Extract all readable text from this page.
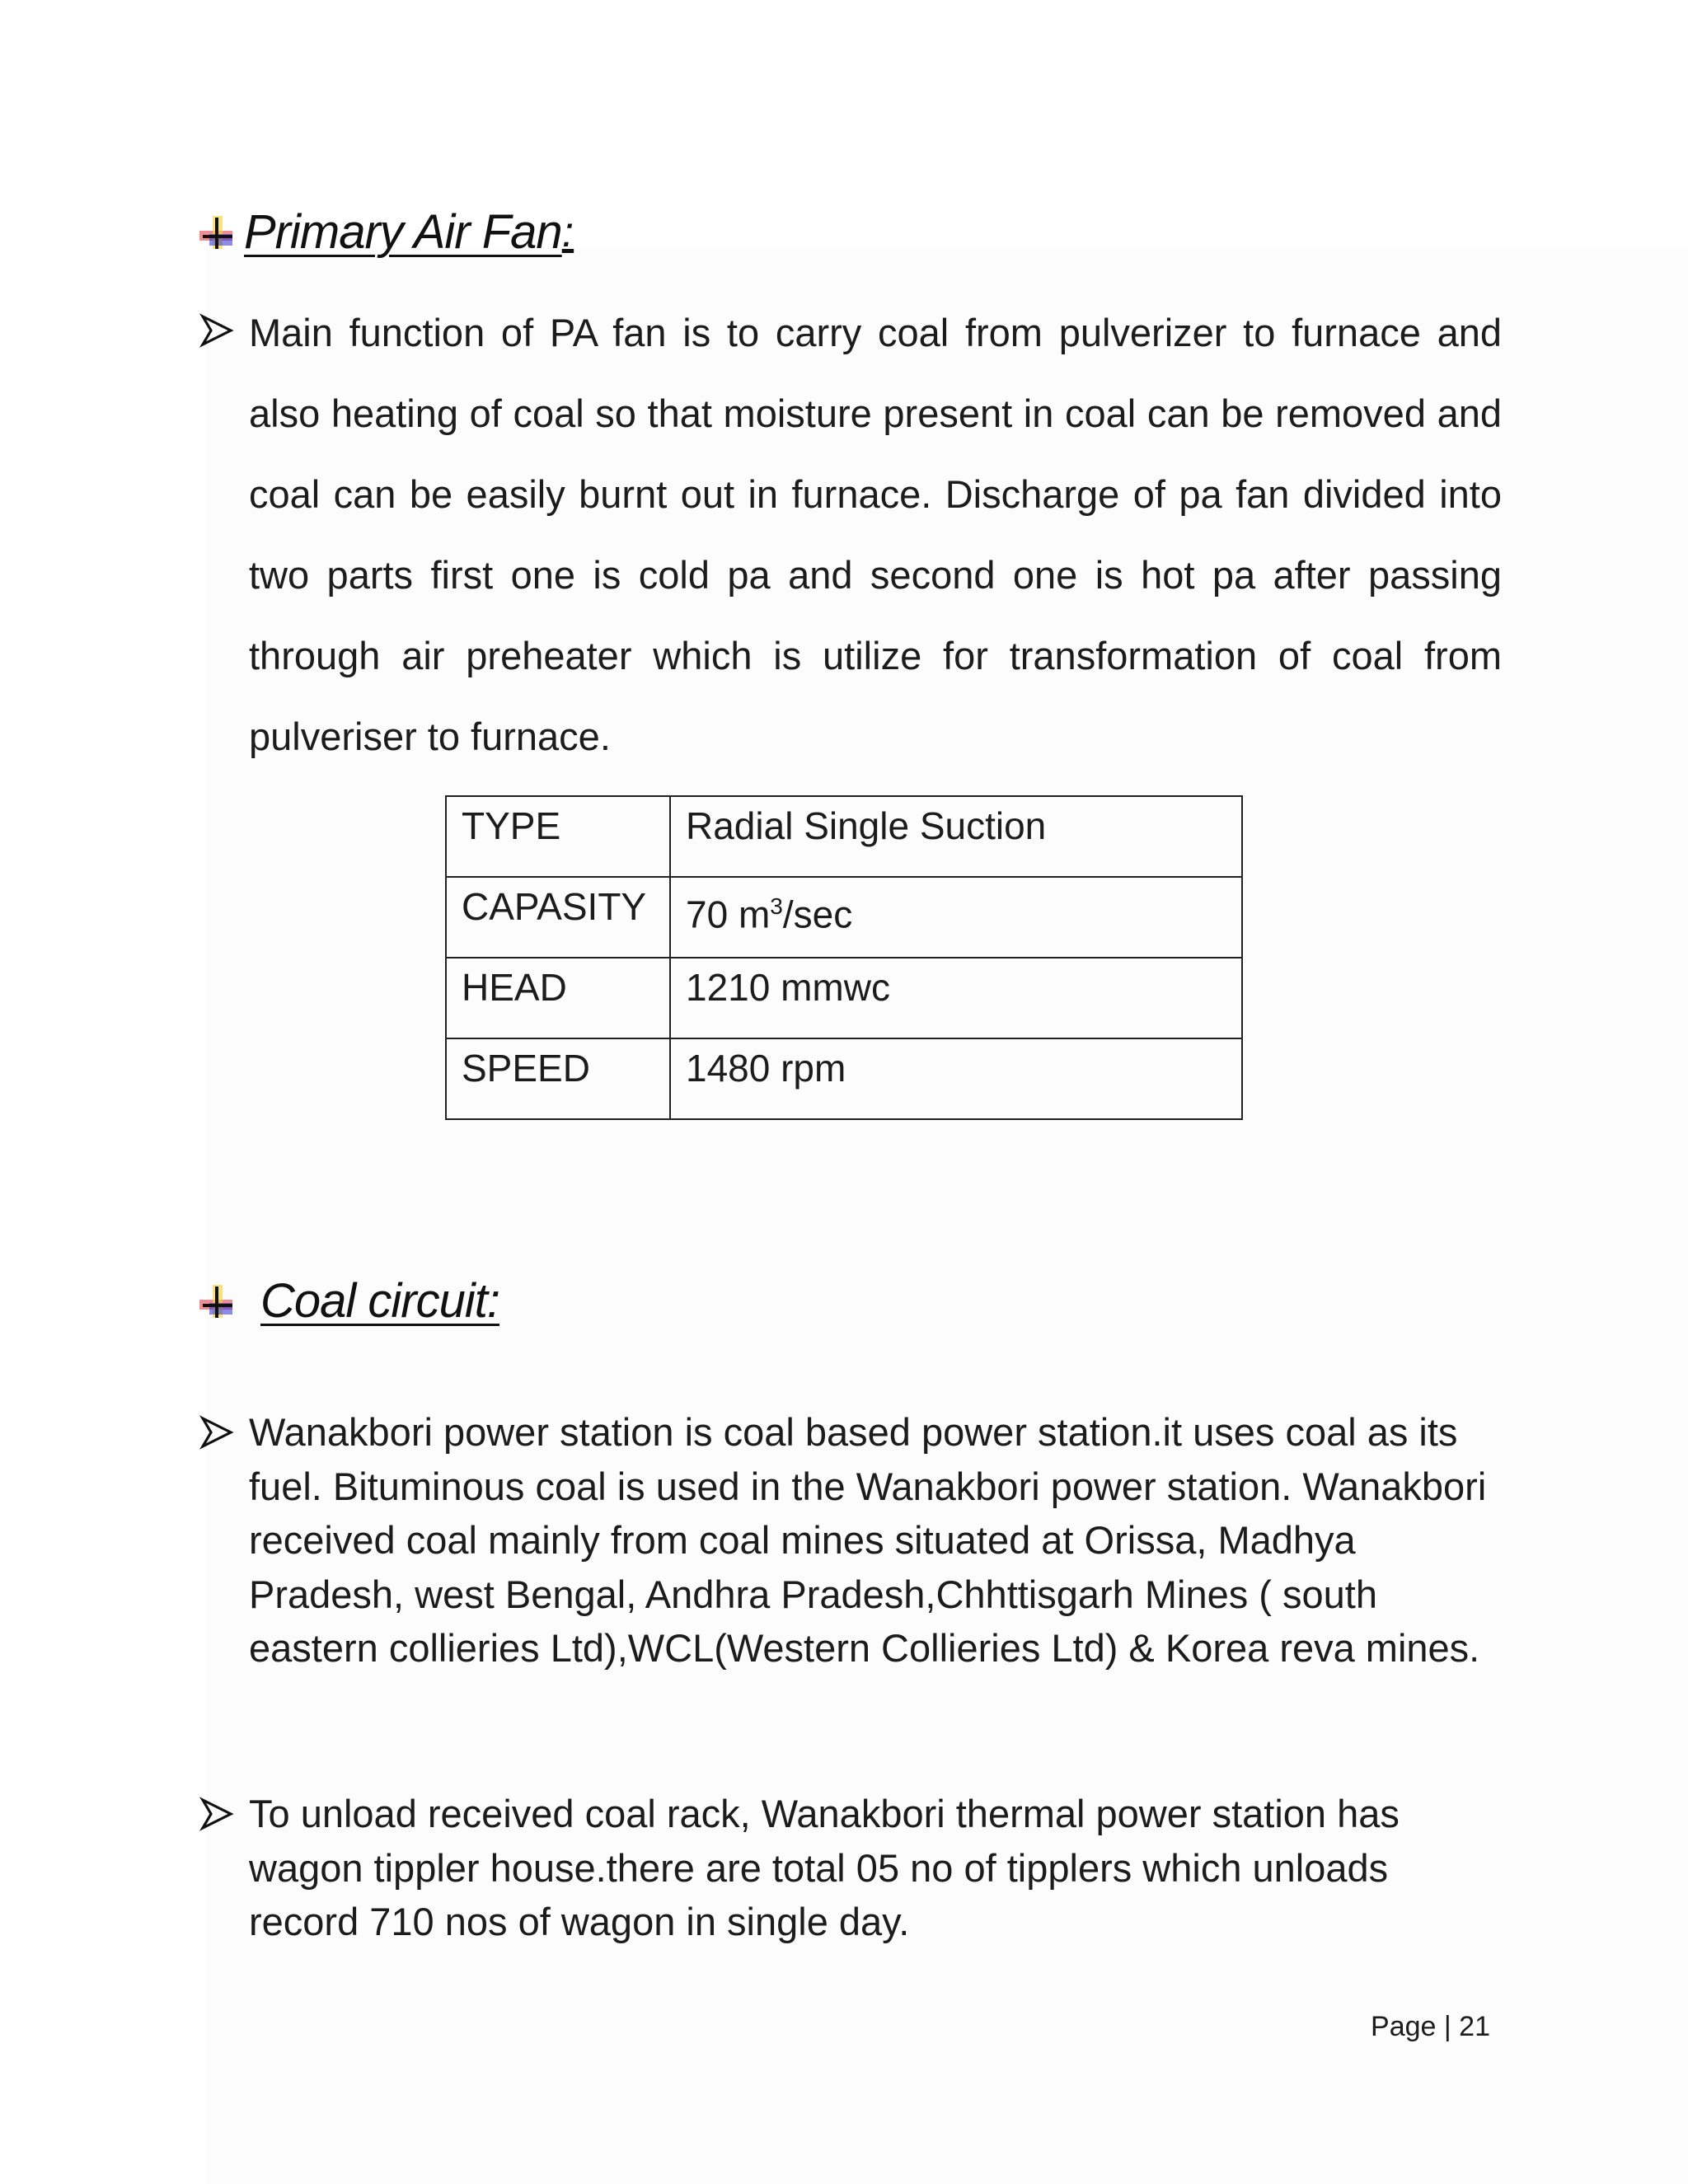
Primary Air Fan :
Main function of PA fan is to carry coal from pulverizer to furnace and also heating of coal so that moisture present in coal can be removed and coal can be easily burnt out in furnace. Discharge of pa fan divided into two parts first one is cold pa and second one is hot pa after passing through air preheater which is utilize for transformation of coal from pulveriser to furnace.
TYPE	Radial Single Suction
CAPASITY	70 $m^3/\sec$
HEAD	1210 mmwc
SPEED	1480 rpm
Coal circuit:
Wanakbori power station is coal based power station.it uses coal as its fuel. Bituminous coal is used in the Wanakbori power station. Wanakbori received coal mainly from coal mines situated at Orissa, Madhya Pradesh, west Bengal, Andhra Pradesh,Chhttisgarh Mines ( south eastern collieries Ltd),WCL(Western Collieries Ltd) & Korea reva mines.
To unload received coal rack, Wanakbori thermal power station has wagon tippler house.there are total 05 no of tipplers which unloads record 710 nos of wagon in single day.
Page | 21
